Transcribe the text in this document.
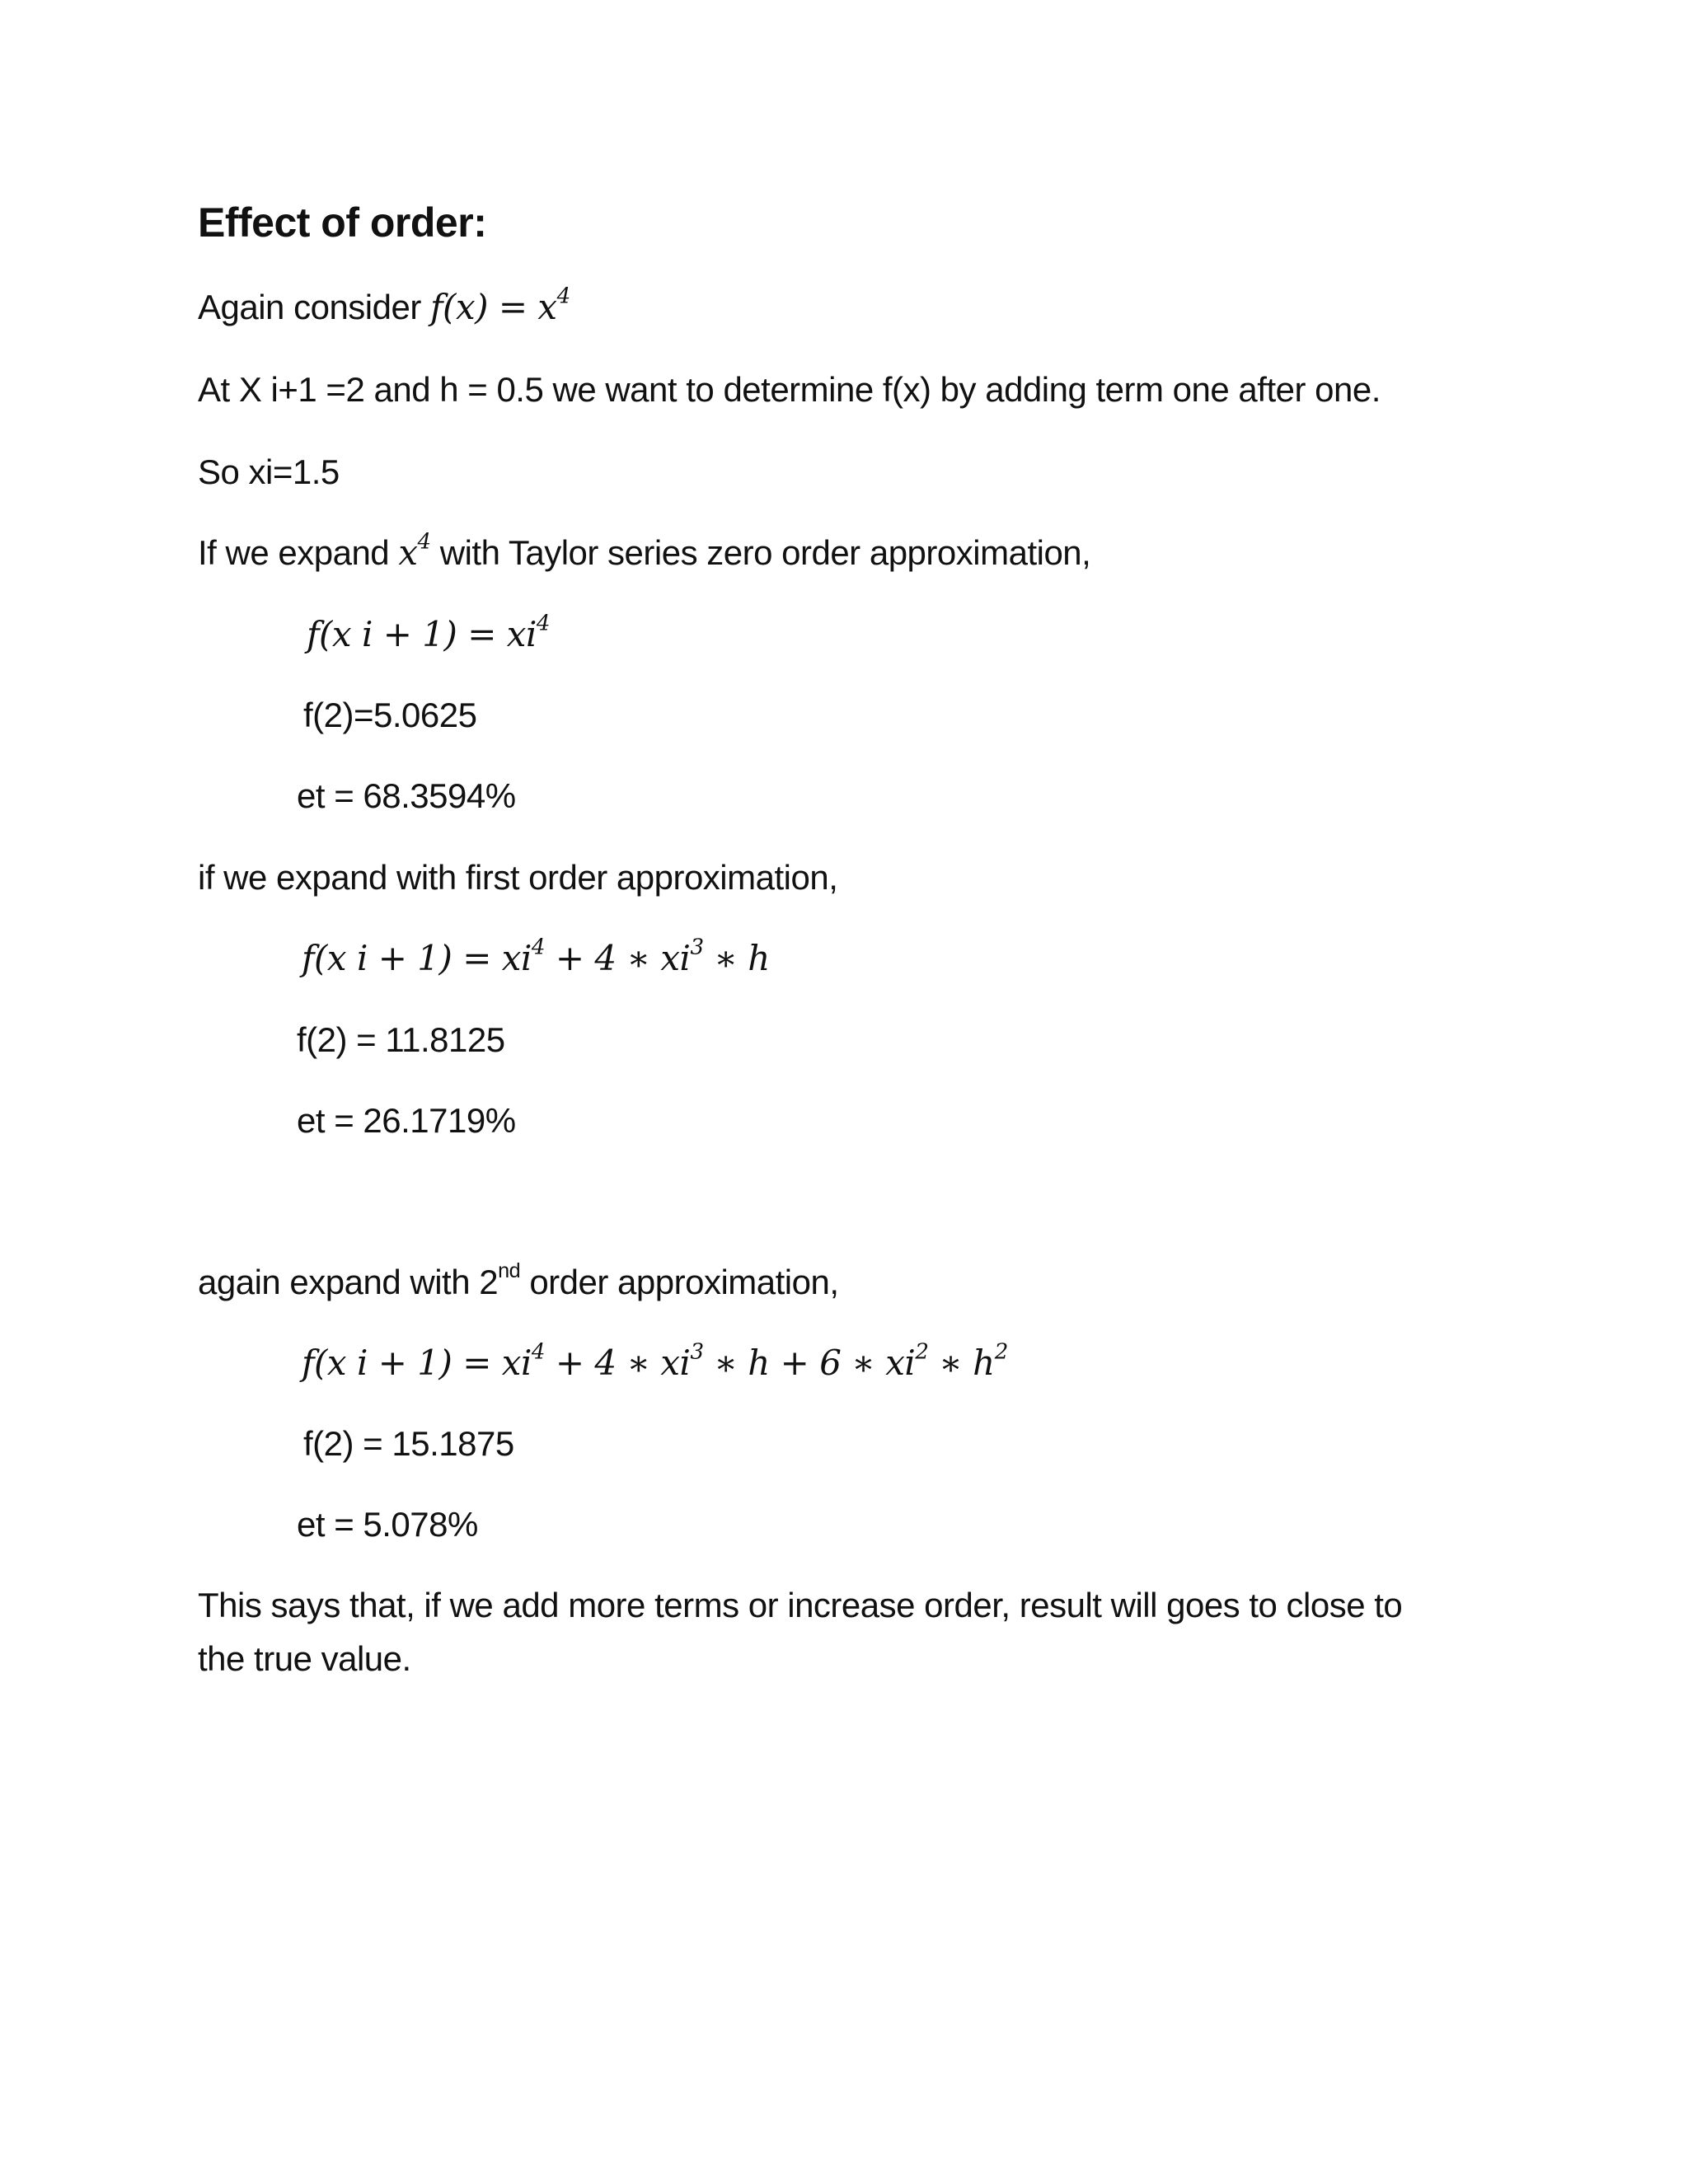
Effect of order:
Again consider $f(x) = x^4$
At X i+1 =2 and h = 0.5 we want to determine f(x) by adding term one after one.
So xi=1.5
If we expand $x^4$ with Taylor series zero order approximation,
f(x $i + 1) = xi^4$
f(2)=5.0625
et = 68.3594%
if we expand with first order approximation,
f(x $i + 1) = xi^4 + 4$ ∗ $xi^3$ ∗ h
f(2) = 11.8125
et = 26.1719%
again expand with 2nd order approximation,
f(x $i + 1) = xi^4 + 4$ ∗ $xi^3$ ∗ h + 6 ∗ $xi^2$ ∗ $h^2$
f(2) = 15.1875
et = 5.078%
This says that, if we add more terms or increase order, result will goes to close to
the true value.
